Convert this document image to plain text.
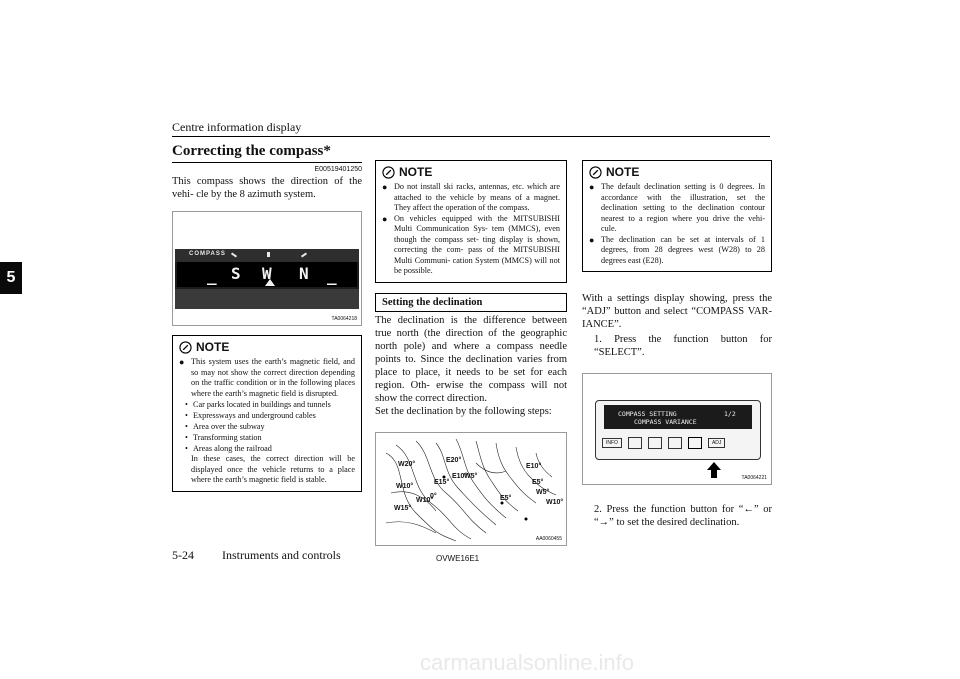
Centre information display
5
Correcting the compass*
E00519401250

This compass shows the direction of the vehi- cle by the 8 azimuth system.

COMPASS
_ S W N _
TA0064218
NOTE
● This system uses the earth’s magnetic field, and so may not show the correct direction depending on the traffic condition or in the following places where the earth’s magnetic field is disrupted.
• Car parks located in buildings and tunnels
• Expressways and underground cables
• Area over the subway
• Transforming station
• Areas along the railroad
In these cases, the correct direction will be displayed once the vehicle returns to a place where the earth’s magnetic field is stable.
NOTE
● Do not install ski racks, antennas, etc. which are attached to the vehicle by means of a magnet. They affect the operation of the compass.
● On vehicles equipped with the MITSUBISHI Multi Communication Sys- tem (MMCS), even though the compass set- ting display is shown, correcting the com- pass of the MITSUBISHI Multi Communi- cation System (MMCS) will not be possible.
Setting the declination

The declination is the difference between true north (the direction of the geographic north pole) and where a compass needle points to. Since the declination varies from place to place, it needs to be set for each region. Oth- erwise the compass will not show the correct direction.

Set the declination by the following steps:

W20°
E20°
W10°
W15°
E10°
E15°
W5°
E5°
0°
W10°
E10°
W5°
W10°
E5°
AA0060455
NOTE
● The default declination setting is 0 degrees. In accordance with the illustration, set the declination setting to the declination contour nearest to a region where you drive the vehi- cule.
● The declination can be set at intervals of 1 degrees, from 28 degrees west (W28) to 28 degrees east (E28).

With a settings display showing, press the “ADJ” button and select “COMPASS VAR- IANCE”.

1. Press the function button for “SELECT”.

COMPASS SETTING	1/2
COMPASS VARIANCE
INFO	ADJ
TA0064221

2. Press the function button for “←” or “→” to set the desired declination.

5-24 Instruments and controls	OVWE16E1
carmanualsonline.info
